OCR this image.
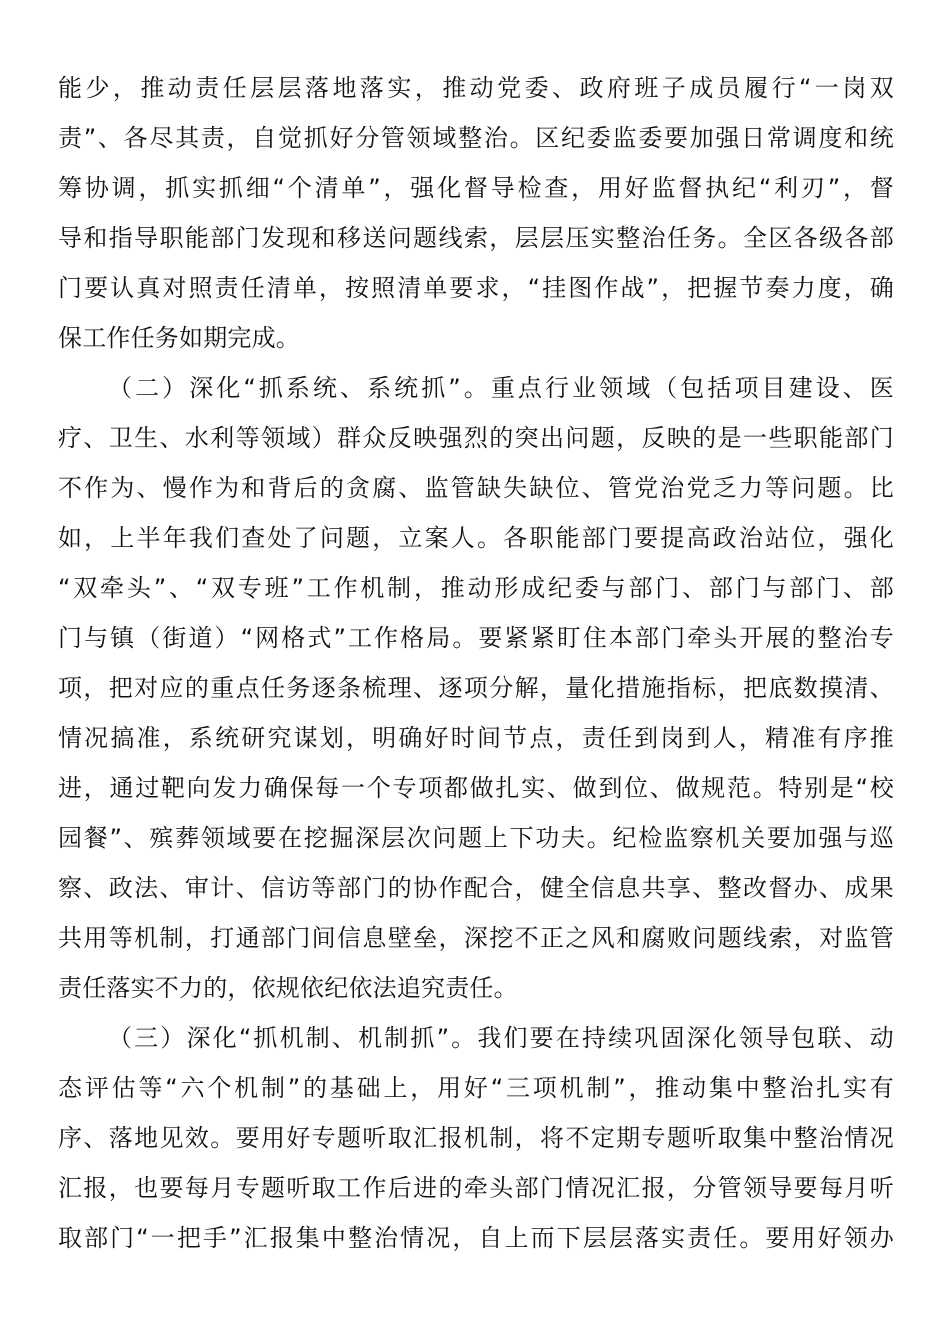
能少，推动责任层层落地落实，推动党委、政府班子成员履行“一岗双
责”、各尽其责，自觉抓好分管领域整治。区纪委监委要加强日常调度和统
筹协调，抓实抓细“个清单”，强化督导检查，用好监督执纪“利刃”，督
导和指导职能部门发现和移送问题线索，层层压实整治任务。全区各级各部
门要认真对照责任清单，按照清单要求，“挂图作战”，把握节奏力度，确
保工作任务如期完成。
（二）深化“抓系统、系统抓”。重点行业领域（包括项目建设、医
疗、卫生、水利等领域）群众反映强烈的突出问题，反映的是一些职能部门
不作为、慢作为和背后的贪腐、监管缺失缺位、管党治党乏力等问题。比
如，上半年我们查处了问题，立案人。各职能部门要提高政治站位，强化
“双牵头”、“双专班”工作机制，推动形成纪委与部门、部门与部门、部
门与镇（街道）“网格式”工作格局。要紧紧盯住本部门牵头开展的整治专
项，把对应的重点任务逐条梳理、逐项分解，量化措施指标，把底数摸清、
情况搞准，系统研究谋划，明确好时间节点，责任到岗到人，精准有序推
进，通过靶向发力确保每一个专项都做扎实、做到位、做规范。特别是“校
园餐”、殡葬领域要在挖掘深层次问题上下功夫。纪检监察机关要加强与巡
察、政法、审计、信访等部门的协作配合，健全信息共享、整改督办、成果
共用等机制，打通部门间信息壁垒，深挖不正之风和腐败问题线索，对监管
责任落实不力的，依规依纪依法追究责任。
（三）深化“抓机制、机制抓”。我们要在持续巩固深化领导包联、动
态评估等“六个机制”的基础上，用好“三项机制”，推动集中整治扎实有
序、落地见效。要用好专题听取汇报机制，将不定期专题听取集中整治情况
汇报，也要每月专题听取工作后进的牵头部门情况汇报，分管领导要每月听
取部门“一把手”汇报集中整治情况，自上而下层层落实责任。要用好领办
